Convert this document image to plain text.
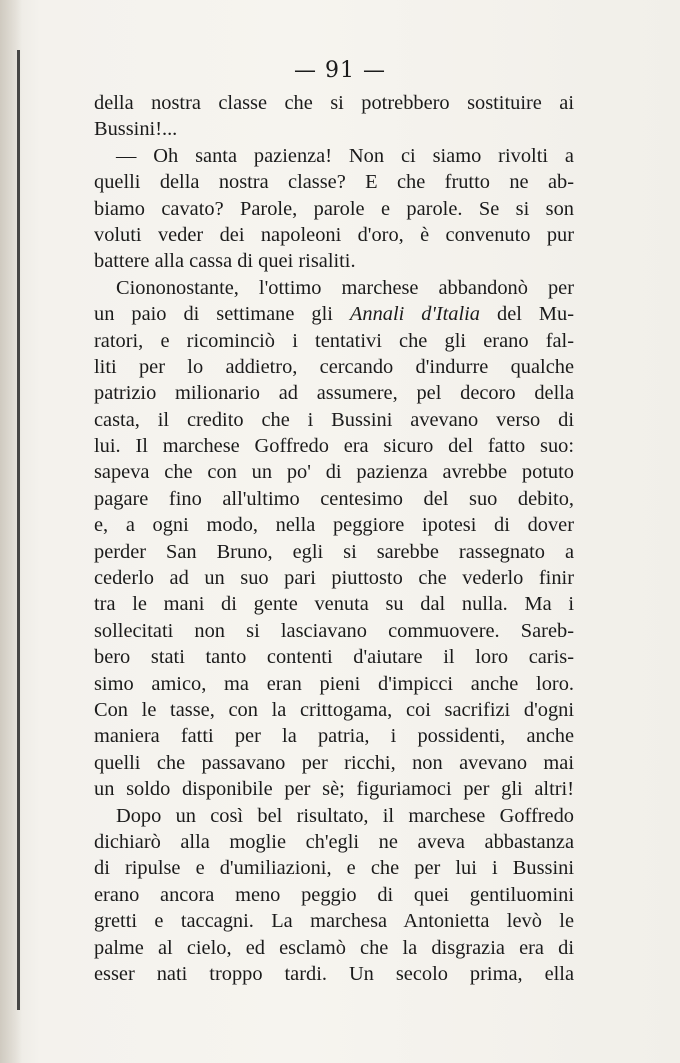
— 91 —
della nostra classe che si potrebbero sostituire ai
Bussini!...
— Oh santa pazienza! Non ci siamo rivolti a
quelli della nostra classe? E che frutto ne ab-
biamo cavato? Parole, parole e parole. Se si son
voluti veder dei napoleoni d'oro, è convenuto pur
battere alla cassa di quei risaliti.
Ciononostante, l'ottimo marchese abbandonò per
un paio di settimane gli Annali d'Italia del Mu-
ratori, e ricominciò i tentativi che gli erano fal-
liti per lo addietro, cercando d'indurre qualche
patrizio milionario ad assumere, pel decoro della
casta, il credito che i Bussini avevano verso di
lui. Il marchese Goffredo era sicuro del fatto suo:
sapeva che con un po' di pazienza avrebbe potuto
pagare fino all'ultimo centesimo del suo debito,
e, a ogni modo, nella peggiore ipotesi di dover
perder San Bruno, egli si sarebbe rassegnato a
cederlo ad un suo pari piuttosto che vederlo finir
tra le mani di gente venuta su dal nulla. Ma i
sollecitati non si lasciavano commuovere. Sareb-
bero stati tanto contenti d'aiutare il loro caris-
simo amico, ma eran pieni d'impicci anche loro.
Con le tasse, con la crittogama, coi sacrifizi d'ogni
maniera fatti per la patria, i possidenti, anche
quelli che passavano per ricchi, non avevano mai
un soldo disponibile per sè; figuriamoci per gli altri!
Dopo un così bel risultato, il marchese Goffredo
dichiarò alla moglie ch'egli ne aveva abbastanza
di ripulse e d'umiliazioni, e che per lui i Bussini
erano ancora meno peggio di quei gentiluomini
gretti e taccagni. La marchesa Antonietta levò le
palme al cielo, ed esclamò che la disgrazia era di
esser nati troppo tardi. Un secolo prima, ella
